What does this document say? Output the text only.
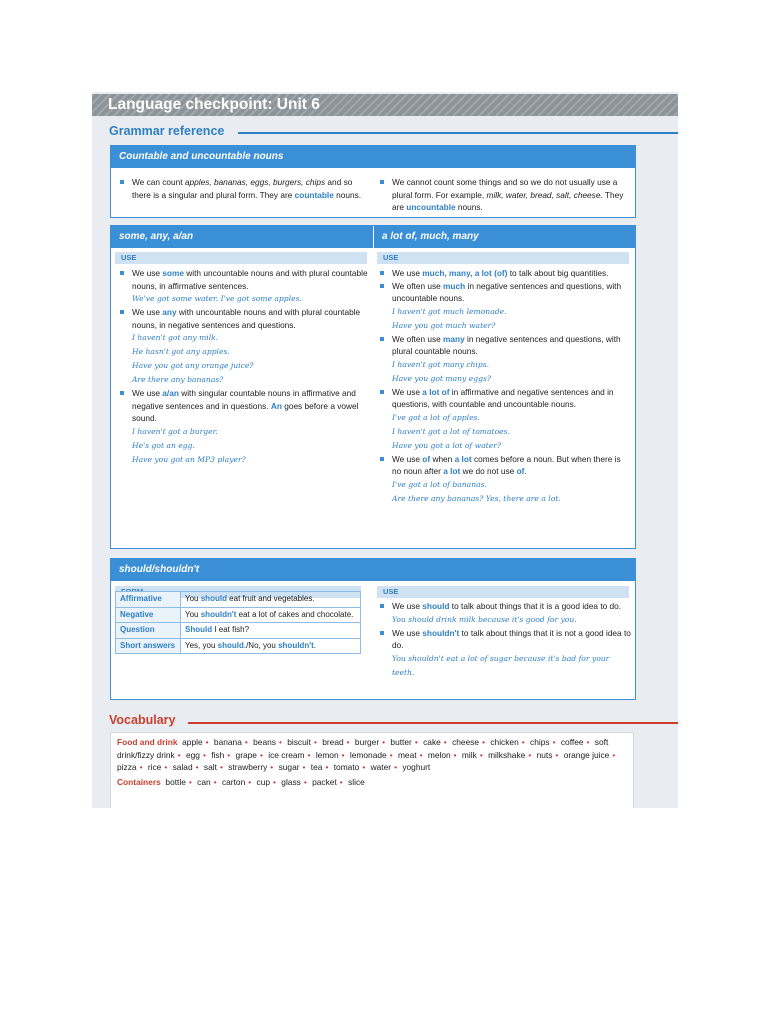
Language checkpoint: Unit 6
Grammar reference
Countable and uncountable nouns
We can count apples, bananas, eggs, burgers, chips and so there is a singular and plural form. They are countable nouns.
We cannot count some things and so we do not usually use a plural form. For example, milk, water, bread, salt, cheese. They are uncountable nouns.
some, any, a/an	a lot of, much, many
USE
We use some with uncountable nouns and with plural countable nouns, in affirmative sentences.
We've got some water. I've got some apples.
We use any with uncountable nouns and with plural countable nouns, in negative sentences and questions.
I haven't got any milk.
He hasn't got any apples.
Have you got any orange juice?
Are there any bananas?
We use a/an with singular countable nouns in affirmative and negative sentences and in questions. An goes before a vowel sound.
I haven't got a burger.
He's got an egg.
Have you got an MP3 player?
USE
We use much, many, a lot (of) to talk about big quantities.
We often use much in negative sentences and questions, with uncountable nouns.
I haven't got much lemonade.
Have you got much water?
We often use many in negative sentences and questions, with plural countable nouns.
I haven't got many chips.
Have you got many eggs?
We use a lot of in affirmative and negative sentences and in questions, with countable and uncountable nouns.
I've got a lot of apples.
I haven't got a lot of tomatoes.
Have you got a lot of water?
We use of when a lot comes before a noun. But when there is no noun after a lot we do not use of.
I've got a lot of bananas.
Are there any bananas? Yes, there are a lot.
should/shouldn't
Affirmative	You should eat fruit and vegetables.
Negative	You shouldn't eat a lot of cakes and chocolate.
Question	Should I eat fish?
Short answers	Yes, you should./No, you shouldn't.
USE
We use should to talk about things that it is a good idea to do.
You should drink milk because it's good for you.
We use shouldn't to talk about things that it is not a good idea to do.
You shouldn't eat a lot of sugar because it's bad for your teeth.
Vocabulary
Food and drink apple • banana • beans • biscuit • bread • burger • butter • cake • cheese • chicken • chips • coffee • soft drink/fizzy drink • egg • fish • grape • ice cream • lemon • lemonade • meat • melon • milk • milkshake • nuts • orange juice • pizza • rice • salad • salt • strawberry • sugar • tea • tomato • water • yoghurt
Containers bottle • can • carton • cup • glass • packet • slice
